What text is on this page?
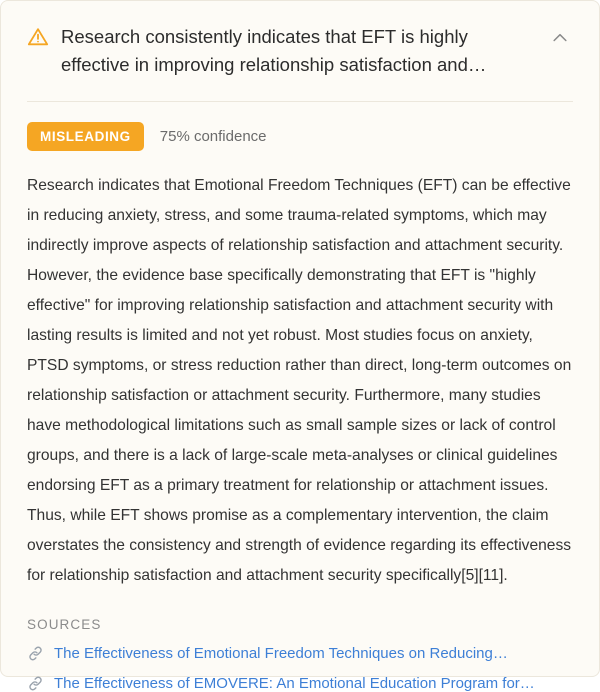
Research consistently indicates that EFT is highly effective in improving relationship satisfaction and…
MISLEADING	75% confidence
Research indicates that Emotional Freedom Techniques (EFT) can be effective in reducing anxiety, stress, and some trauma-related symptoms, which may indirectly improve aspects of relationship satisfaction and attachment security. However, the evidence base specifically demonstrating that EFT is "highly effective" for improving relationship satisfaction and attachment security with lasting results is limited and not yet robust. Most studies focus on anxiety, PTSD symptoms, or stress reduction rather than direct, long-term outcomes on relationship satisfaction or attachment security. Furthermore, many studies have methodological limitations such as small sample sizes or lack of control groups, and there is a lack of large-scale meta-analyses or clinical guidelines endorsing EFT as a primary treatment for relationship or attachment issues. Thus, while EFT shows promise as a complementary intervention, the claim overstates the consistency and strength of evidence regarding its effectiveness for relationship satisfaction and attachment security specifically[5][11].
SOURCES
The Effectiveness of Emotional Freedom Techniques on Reducing…
The Effectiveness of EMOVERE: An Emotional Education Program for…
